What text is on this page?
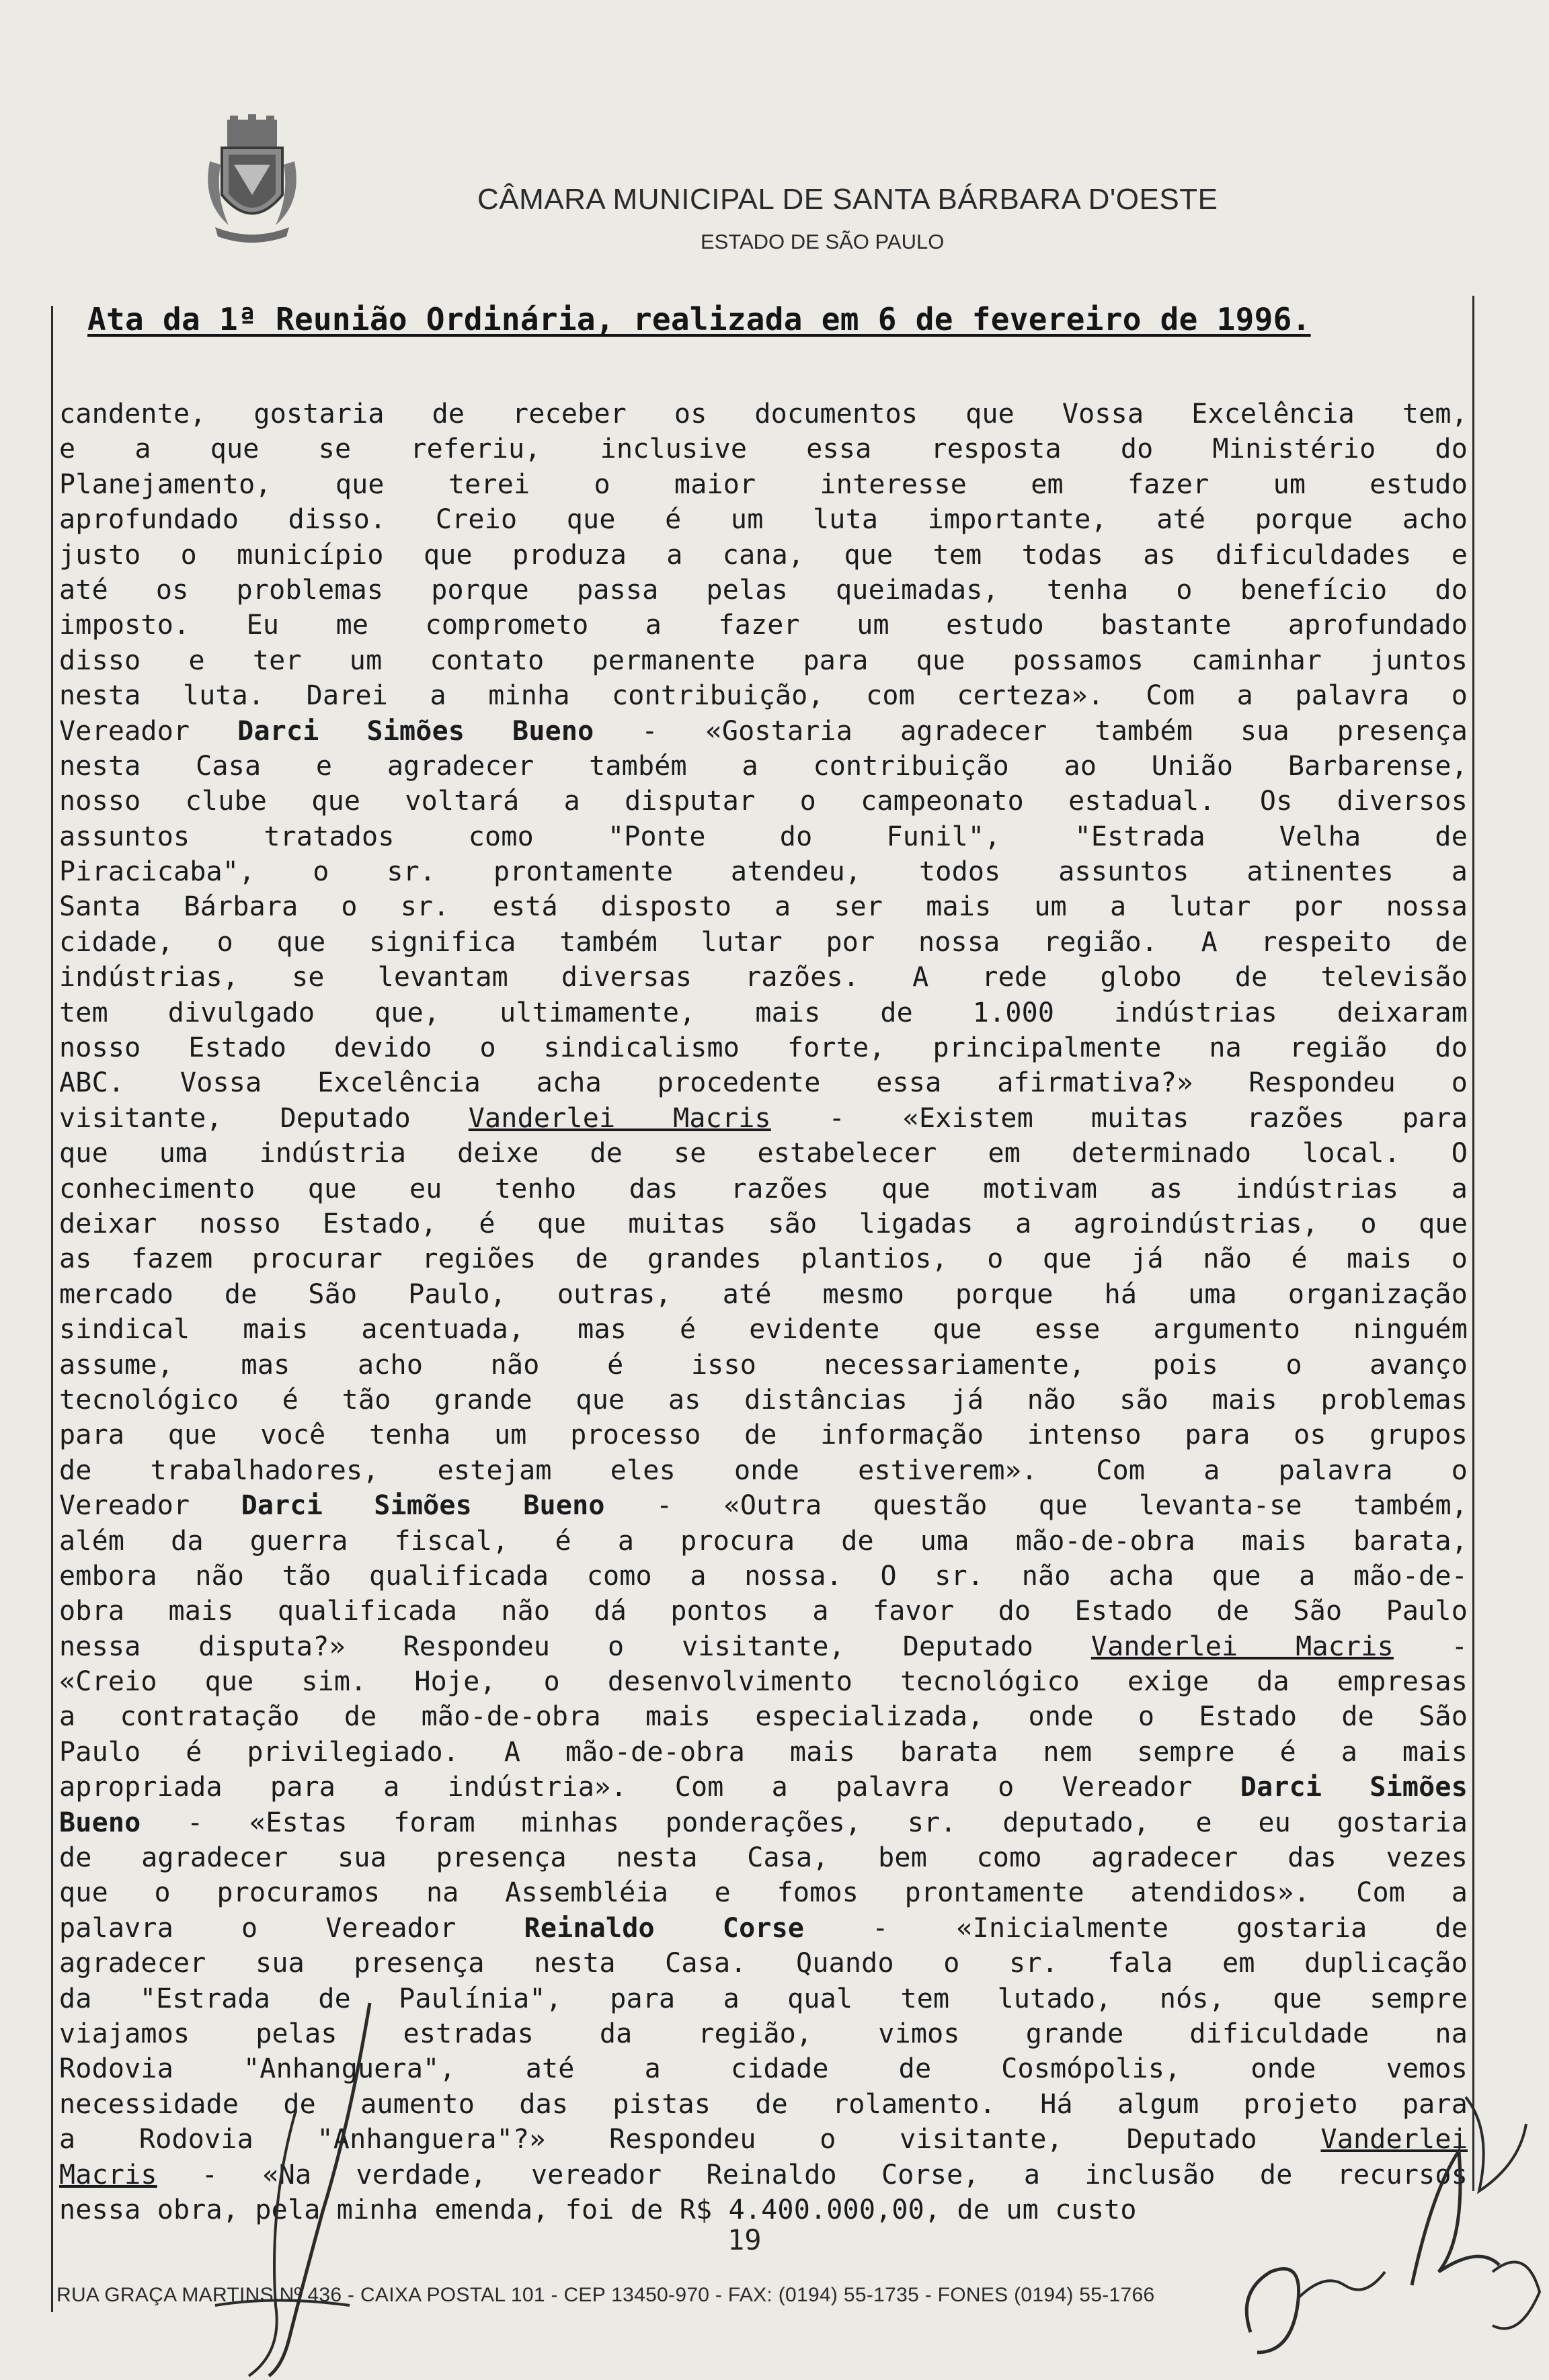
CÂMARA MUNICIPAL DE SANTA BÁRBARA D'OESTE
ESTADO DE SÃO PAULO
Ata da 1ª Reunião Ordinária, realizada em 6 de fevereiro de 1996.
candente, gostaria de receber os documentos que Vossa Excelência tem,
e a que se referiu, inclusive essa resposta do Ministério do
Planejamento, que terei o maior interesse em fazer um estudo
aprofundado disso. Creio que é um luta importante, até porque acho
justo o município que produza a cana, que tem todas as dificuldades e
até os problemas porque passa pelas queimadas, tenha o benefício do
imposto. Eu me comprometo a fazer um estudo bastante aprofundado
disso e ter um contato permanente para que possamos caminhar juntos
nesta luta. Darei a minha contribuição, com certeza». Com a palavra o
Vereador Darci Simões Bueno - «Gostaria agradecer também sua presença
nesta Casa e agradecer também a contribuição ao União Barbarense,
nosso clube que voltará a disputar o campeonato estadual. Os diversos
assuntos tratados como "Ponte do Funil", "Estrada Velha de
Piracicaba", o sr. prontamente atendeu, todos assuntos atinentes a
Santa Bárbara o sr. está disposto a ser mais um a lutar por nossa
cidade, o que significa também lutar por nossa região. A respeito de
indústrias, se levantam diversas razões. A rede globo de televisão
tem divulgado que, ultimamente, mais de 1.000 indústrias deixaram
nosso Estado devido o sindicalismo forte, principalmente na região do
ABC. Vossa Excelência acha procedente essa afirmativa?» Respondeu o
visitante, Deputado Vanderlei Macris - «Existem muitas razões para
que uma indústria deixe de se estabelecer em determinado local. O
conhecimento que eu tenho das razões que motivam as indústrias a
deixar nosso Estado, é que muitas são ligadas a agroindústrias, o que
as fazem procurar regiões de grandes plantios, o que já não é mais o
mercado de São Paulo, outras, até mesmo porque há uma organização
sindical mais acentuada, mas é evidente que esse argumento ninguém
assume, mas acho não é isso necessariamente, pois o avanço
tecnológico é tão grande que as distâncias já não são mais problemas
para que você tenha um processo de informação intenso para os grupos
de trabalhadores, estejam eles onde estiverem». Com a palavra o
Vereador Darci Simões Bueno - «Outra questão que levanta-se também,
além da guerra fiscal, é a procura de uma mão-de-obra mais barata,
embora não tão qualificada como a nossa. O sr. não acha que a mão-de-
obra mais qualificada não dá pontos a favor do Estado de São Paulo
nessa disputa?» Respondeu o visitante, Deputado Vanderlei Macris -
«Creio que sim. Hoje, o desenvolvimento tecnológico exige da empresas
a contratação de mão-de-obra mais especializada, onde o Estado de São
Paulo é privilegiado. A mão-de-obra mais barata nem sempre é a mais
apropriada para a indústria». Com a palavra o Vereador Darci Simões
Bueno - «Estas foram minhas ponderações, sr. deputado, e eu gostaria
de agradecer sua presença nesta Casa, bem como agradecer das vezes
que o procuramos na Assembléia e fomos prontamente atendidos». Com a
palavra o Vereador Reinaldo Corse - «Inicialmente gostaria de
agradecer sua presença nesta Casa. Quando o sr. fala em duplicação
da "Estrada de Paulínia", para a qual tem lutado, nós, que sempre
viajamos pelas estradas da região, vimos grande dificuldade na
Rodovia "Anhanguera", até a cidade de Cosmópolis, onde vemos
necessidade de aumento das pistas de rolamento. Há algum projeto para
a Rodovia "Anhanguera"?» Respondeu o visitante, Deputado Vanderlei
Macris - «Na verdade, vereador Reinaldo Corse, a inclusão de recursos
nessa obra, pela minha emenda, foi de R$ 4.400.000,00, de um custo
19
RUA GRAÇA MARTINS Nº 436 - CAIXA POSTAL 101 - CEP 13450-970 - FAX: (0194) 55-1735 - FONES (0194) 55-1766
